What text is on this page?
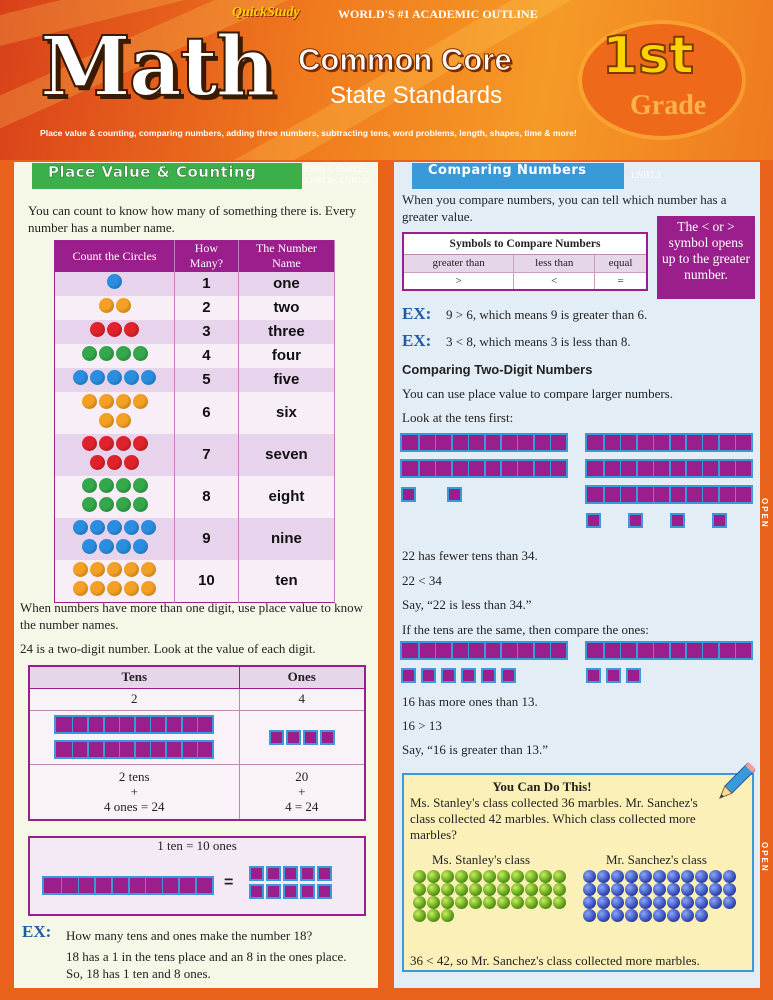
QuickStudy	WORLD'S #1 ACADEMIC OUTLINE
Math Common Core
State Standards
1st
Grade
Place value & counting, comparing numbers, adding three numbers, subtracting tens, word problems, length, shapes, time & more!
Place Value & Counting	1.NBT.1, 1.NBT.2a, 1.NBT.2b, 1.NBT.2c
You can count to know how many of something there is. Every number has a number name.
Count the Circles	How Many?	The Number Name
	1	one
	2	two
	3	three
	4	four
	5	five

	6	six

	7	seven

	8	eight

	9	nine

	10	ten
When numbers have more than one digit, use place value to know the number names.
24 is a two-digit number. Look at the value of each digit.
Tens	Ones
2	4

2 tens
+
4 ones = 24	20
+
4 = 24
1 ten = 10 ones
=

EX: How many tens and ones make the number 18?
18 has a 1 in the tens place and an 8 in the ones place. So, 18 has 1 ten and 8 ones.
Comparing Numbers	1.NBT.3
When you compare numbers, you can tell which number has a greater value.
Symbols to Compare Numbers		
greater than	less than	equal
>	<	=
The < or > symbol opens up to the greater number.
EX: 9 > 6, which means 9 is greater than 6.
EX: 3 < 8, which means 3 is less than 8.
Comparing Two-Digit Numbers
You can use place value to compare larger numbers.
Look at the tens first:
22 has fewer tens than 34.
22 < 34
Say, “22 is less than 34.”
If the tens are the same, then compare the ones:
16 has more ones than 13.
16 > 13
Say, “16 is greater than 13.”
You Can Do This!
Ms. Stanley's class collected 36 marbles. Mr. Sanchez's class collected 42 marbles. Which class collected more marbles?
Ms. Stanley's class	Mr. Sanchez's class
36 < 42, so Mr. Sanchez's class collected more marbles.
OPEN
OPEN
